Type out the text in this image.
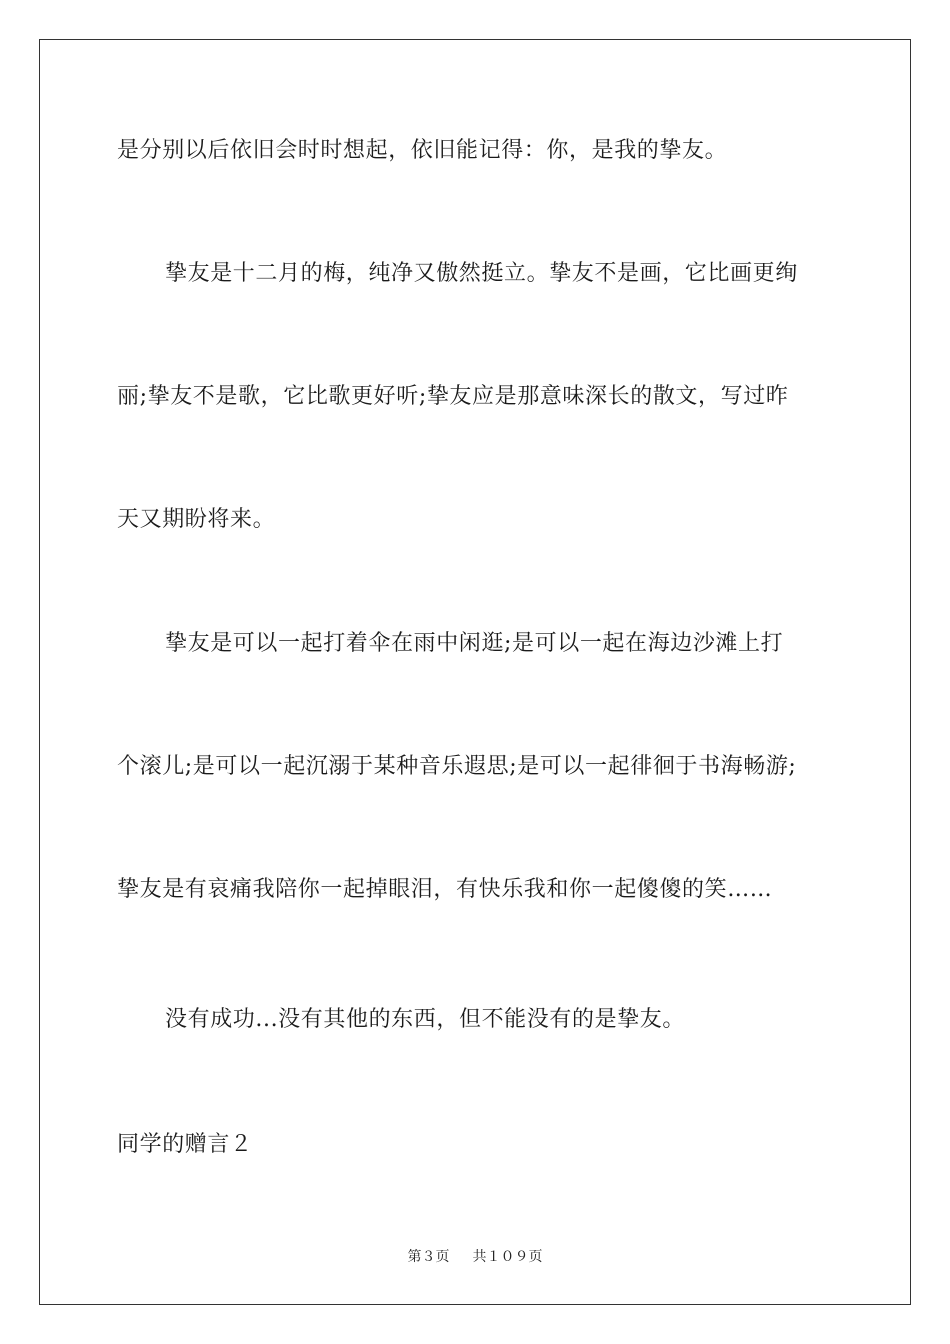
是分别以后依旧会时时想起，依旧能记得：你，是我的挚友。
挚友是十二月的梅，纯净又傲然挺立。挚友不是画，它比画更绚
丽;挚友不是歌，它比歌更好听;挚友应是那意味深长的散文，写过昨
天又期盼将来。
挚友是可以一起打着伞在雨中闲逛;是可以一起在海边沙滩上打
个滚儿;是可以一起沉溺于某种音乐遐思;是可以一起徘徊于书海畅游;
挚友是有哀痛我陪你一起掉眼泪，有快乐我和你一起傻傻的笑……
没有成功...没有其他的东西，但不能没有的是挚友。
同学的赠言２
第３页 共１０９页
